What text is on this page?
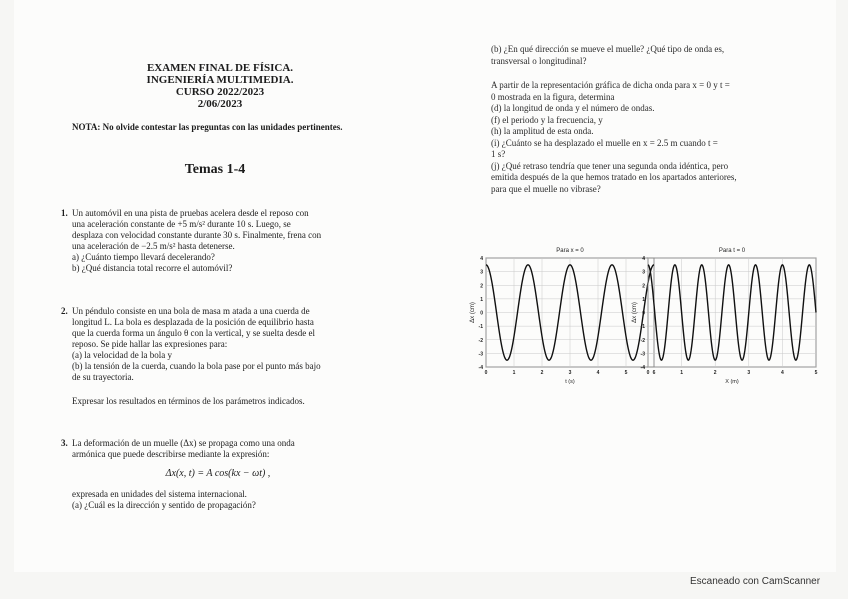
EXAMEN FINAL DE FÍSICA.
INGENIERÍA MULTIMEDIA.
CURSO 2022/2023
2/06/2023
NOTA: No olvide contestar las preguntas con las unidades pertinentes.
Temas 1-4
1. Un automóvil en una pista de pruebas acelera desde el reposo con

una aceleración constante de +5 m/s² durante 10 s. Luego, se

desplaza con velocidad constante durante 30 s. Finalmente, frena con

una aceleración de −2.5 m/s² hasta detenerse.

a) ¿Cuánto tiempo llevará decelerando?

b) ¿Qué distancia total recorre el automóvil?

2. Un péndulo consiste en una bola de masa m atada a una cuerda de

longitud L. La bola es desplazada de la posición de equilibrio hasta

que la cuerda forma un ángulo θ con la vertical, y se suelta desde el

reposo. Se pide hallar las expresiones para:

(a) la velocidad de la bola y

(b) la tensión de la cuerda, cuando la bola pase por el punto más bajo

de su trayectoria.

Expresar los resultados en términos de los parámetros indicados.

3. La deformación de un muelle (Δx) se propaga como una onda

armónica que puede describirse mediante la expresión:

Δx(x, t) = A cos(kx − ωt) ,

expresada en unidades del sistema internacional.

(a) ¿Cuál es la dirección y sentido de propagación?

(b) ¿En qué dirección se mueve el muelle? ¿Qué tipo de onda es,

transversal o longitudinal?

A partir de la representación gráfica de dicha onda para x = 0 y t =

0 mostrada en la figura, determina

(d) la longitud de onda y el número de ondas.

(f) el periodo y la frecuencia, y

(h) la amplitud de esta onda.

(i) ¿Cuánto se ha desplazado el muelle en x = 2.5 m cuando t =

1 s?

(j) ¿Qué retraso tendría que tener una segunda onda idéntica, pero

emitida después de la que hemos tratado en los apartados anteriores,

para que el muelle no vibrase?

Para x = 0
0	1	2	3	4	5	6
4
3
2
1
0
-1
-2
-3
-4
t (s)
Δx (cm)
Para t = 0
0	1	2	3	4	5
4
3
2
1
0
-1
-2
-3
-4
X (m)
Δx (cm)
Escaneado con CamScanner
